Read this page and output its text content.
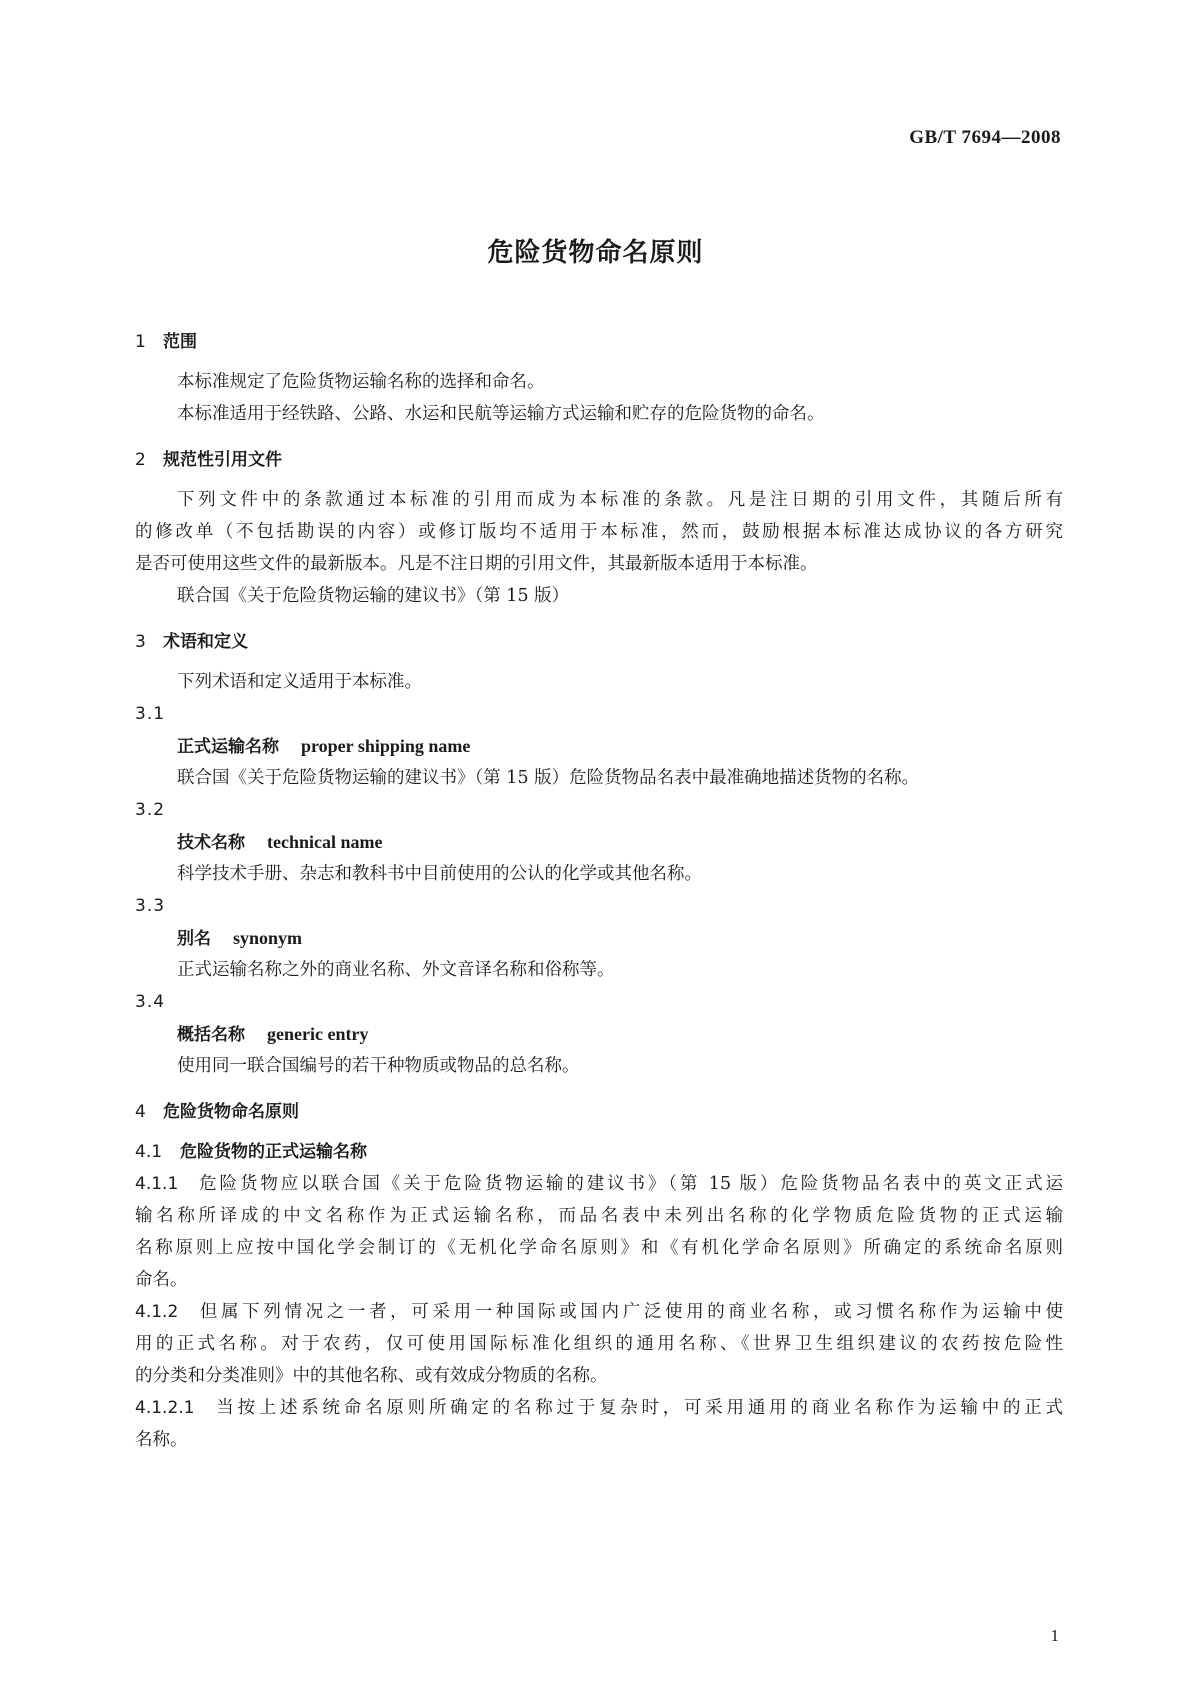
GB/T 7694—2008
危险货物命名原则
1 范围
本标准规定了危险货物运输名称的选择和命名。
本标准适用于经铁路、公路、水运和民航等运输方式运输和贮存的危险货物的命名。
2 规范性引用文件
下列文件中的条款通过本标准的引用而成为本标准的条款。凡是注日期的引用文件，其随后所有
的修改单（不包括勘误的内容）或修订版均不适用于本标准，然而，鼓励根据本标准达成协议的各方研究
是否可使用这些文件的最新版本。凡是不注日期的引用文件，其最新版本适用于本标准。
联合国《关于危险货物运输的建议书》（第 15 版）
3 术语和定义
下列术语和定义适用于本标准。
3.1
正式运输名称 proper shipping name
联合国《关于危险货物运输的建议书》（第 15 版）危险货物品名表中最准确地描述货物的名称。
3.2
技术名称 technical name
科学技术手册、杂志和教科书中目前使用的公认的化学或其他名称。
3.3
别名 synonym
正式运输名称之外的商业名称、外文音译名称和俗称等。
3.4
概括名称 generic entry
使用同一联合国编号的若干种物质或物品的总名称。
4 危险货物命名原则
4.1 危险货物的正式运输名称
4.1.1 危险货物应以联合国《关于危险货物运输的建议书》（第 15 版）危险货物品名表中的英文正式运
输名称所译成的中文名称作为正式运输名称，而品名表中未列出名称的化学物质危险货物的正式运输
名称原则上应按中国化学会制订的《无机化学命名原则》和《有机化学命名原则》所确定的系统命名原则
命名。
4.1.2 但属下列情况之一者，可采用一种国际或国内广泛使用的商业名称，或习惯名称作为运输中使
用的正式名称。对于农药，仅可使用国际标准化组织的通用名称、《世界卫生组织建议的农药按危险性
的分类和分类准则》中的其他名称、或有效成分物质的名称。
4.1.2.1 当按上述系统命名原则所确定的名称过于复杂时，可采用通用的商业名称作为运输中的正式
名称。
1
